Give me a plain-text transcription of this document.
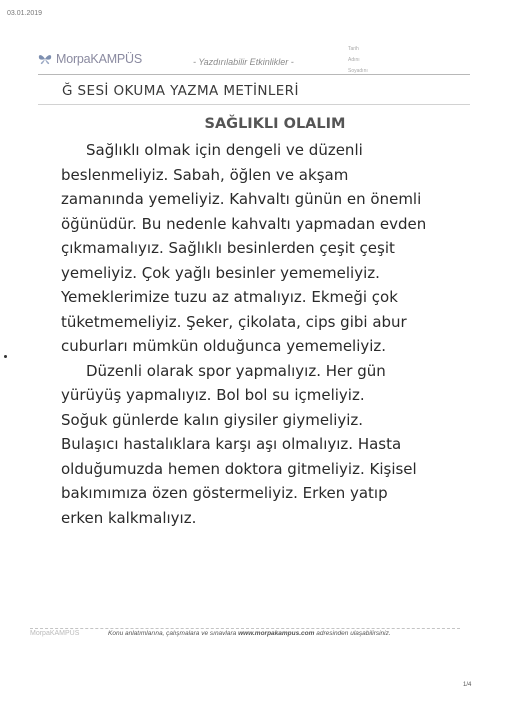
03.01.2019
MorpaKAMPÜS	- Yazdırılabilir Etkinlikler -
Tarih
Adını
Soyadını
Ğ SESİ OKUMA YAZMA METİNLERİ
SAĞLIKLI OLALIM
Sağlıklı olmak için dengeli ve düzenli
beslenmeliyiz. Sabah, öğlen ve akşam
zamanında yemeliyiz. Kahvaltı günün en önemli
öğünüdür. Bu nedenle kahvaltı yapmadan evden
çıkmamalıyız. Sağlıklı besinlerden çeşit çeşit
yemeliyiz. Çok yağlı besinler yememeliyiz.
Yemeklerimize tuzu az atmalıyız. Ekmeği çok
tüketmemeliyiz. Şeker, çikolata, cips gibi abur
cuburları mümkün olduğunca yememeliyiz.
Düzenli olarak spor yapmalıyız. Her gün
yürüyüş yapmalıyız. Bol bol su içmeliyiz.
Soğuk günlerde kalın giysiler giymeliyiz.
Bulaşıcı hastalıklara karşı aşı olmalıyız. Hasta
olduğumuzda hemen doktora gitmeliyiz. Kişisel
bakımımıza özen göstermeliyiz. Erken yatıp
erken kalkmalıyız.
MorpaKAMPÜS	Konu anlatımlarına, çalışmalara ve sınavlara www.morpakampus.com adresinden ulaşabilirsiniz.
1/4
